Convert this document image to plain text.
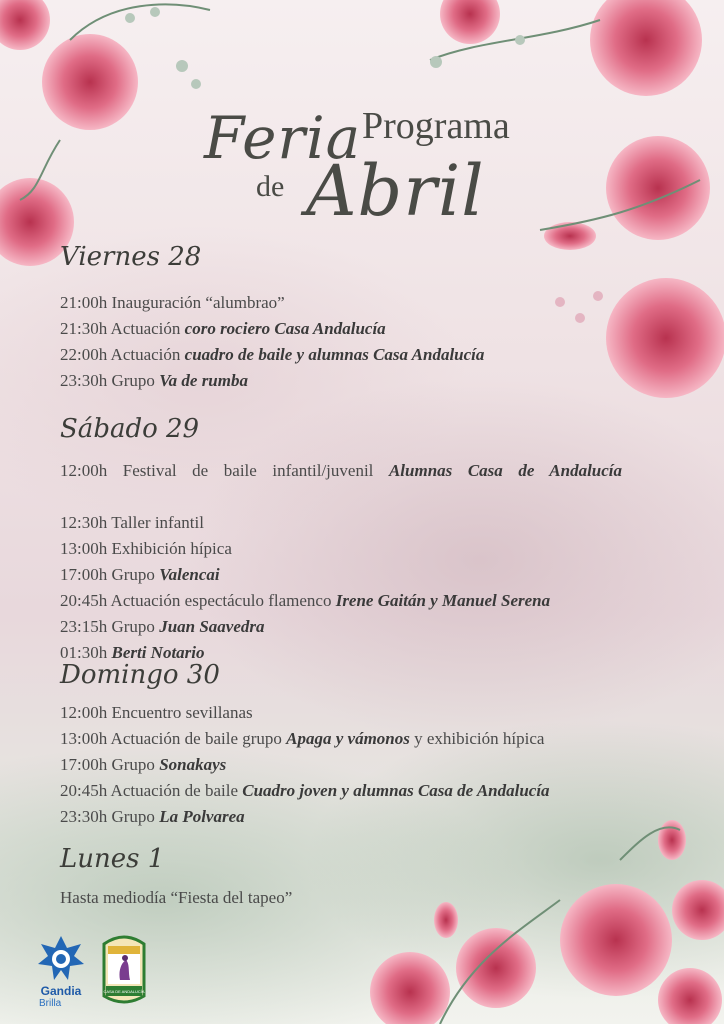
Feria Programa
de Abril
Viernes 28

21:00h Inauguración “alumbrao”

21:30h Actuación coro rociero Casa Andalucía

22:00h Actuación cuadro de baile y alumnas Casa Andalucía

23:30h Grupo Va de rumba

Sábado 29

12:00h Festival de baile infantil/juvenil Alumnas Casa de Andalucía

12:30h Taller infantil

13:00h Exhibición hípica

17:00h Grupo Valencai

20:45h Actuación espectáculo flamenco Irene Gaitán y Manuel Serena

23:15h Grupo Juan Saavedra

01:30h Berti Notario

Domingo 30

12:00h Encuentro sevillanas

13:00h Actuación de baile grupo Apaga y vámonos y exhibición hípica

17:00h Grupo Sonakays

20:45h Actuación de baile Cuadro joven y alumnas Casa de Andalucía

23:30h Grupo La Polvarea

Lunes 1

Hasta mediodía “Fiesta del tapeo”

Gandia
Brilla
CASA DE ANDALUCÍA
